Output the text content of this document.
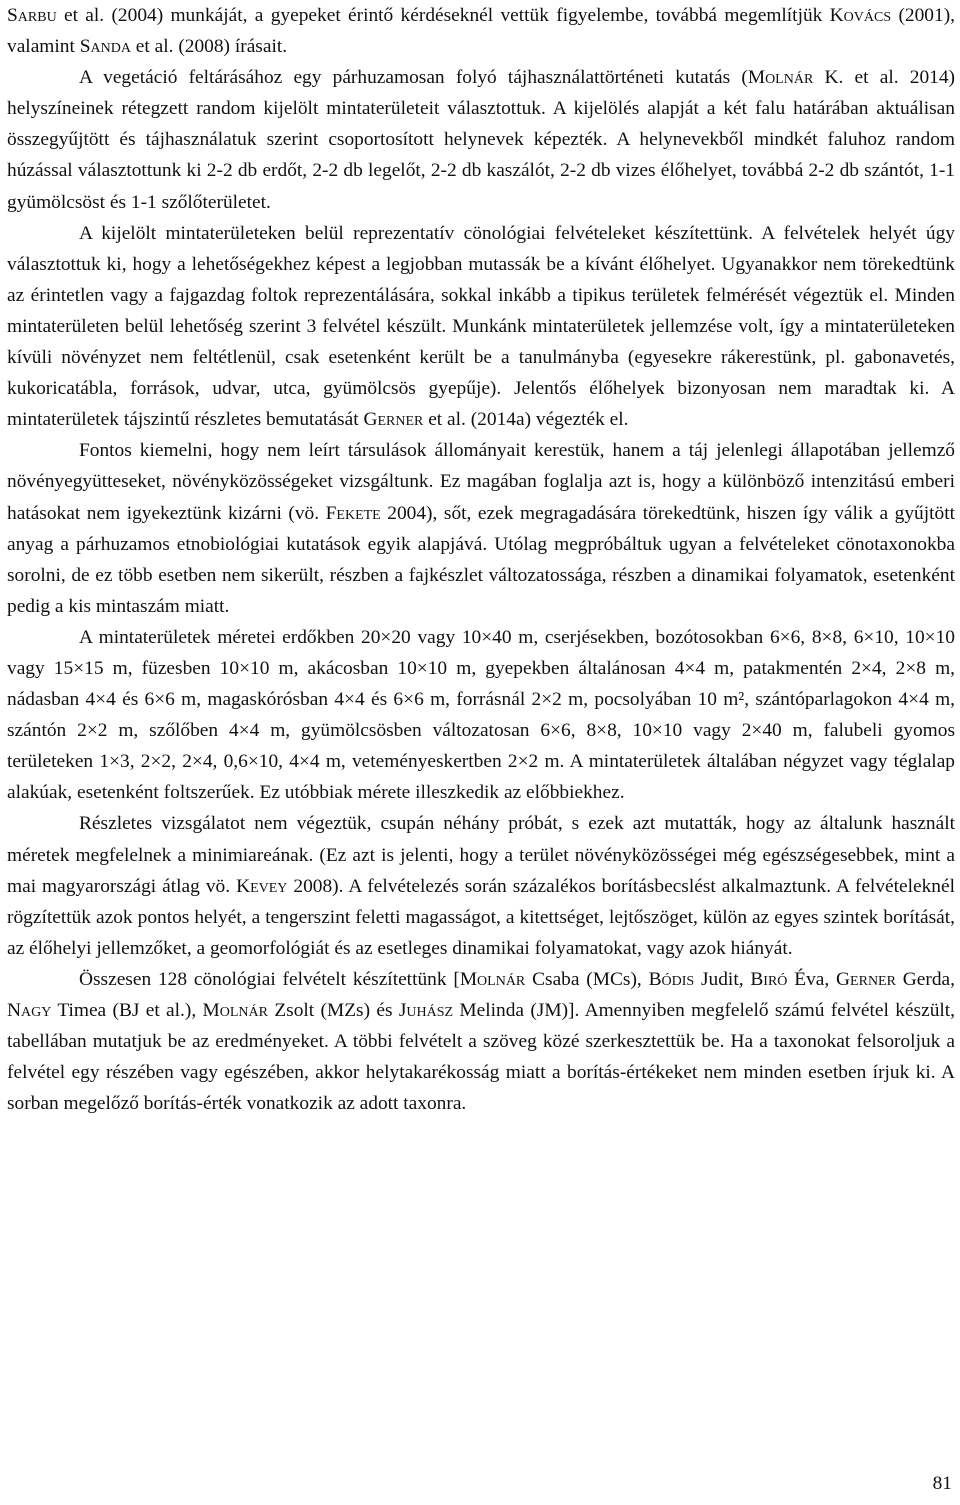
Sarbu et al. (2004) munkáját, a gyepeket érintő kérdéseknél vettük figyelembe, továbbá megemlítjük Kovács (2001), valamint Sanda et al. (2008) írásait.

A vegetáció feltárásához egy párhuzamosan folyó tájhasználattörténeti kutatás (Molnár K. et al. 2014) helyszíneinek rétegzett random kijelölt mintaterületeit választottuk. A kijelölés alapját a két falu határában aktuálisan összegyűjtött és tájhasználatuk szerint csoportosított helynevek képezték. A helynevekből mindkét faluhoz random húzással választottunk ki 2-2 db erdőt, 2-2 db legelőt, 2-2 db kaszálót, 2-2 db vizes élőhelyet, továbbá 2-2 db szántót, 1-1 gyümölcsöst és 1-1 szőlőterületet.

A kijelölt mintaterületeken belül reprezentatív cönológiai felvételeket készítettünk. A felvételek helyét úgy választottuk ki, hogy a lehetőségekhez képest a legjobban mutassák be a kívánt élőhelyet. Ugyanakkor nem törekedtünk az érintetlen vagy a fajgazdag foltok reprezentálására, sokkal inkább a tipikus területek felmérését végeztük el. Minden mintaterületen belül lehetőség szerint 3 felvétel készült. Munkánk mintaterületek jellemzése volt, így a mintaterületeken kívüli növényzet nem feltétlenül, csak esetenként került be a tanulmányba (egyesekre rákerestünk, pl. gabonavetés, kukoricatábla, források, udvar, utca, gyümölcsös gyepűje). Jelentős élőhelyek bizonyosan nem maradtak ki. A mintaterületek tájszintű részletes bemutatását Gerner et al. (2014a) végezték el.

Fontos kiemelni, hogy nem leírt társulások állományait kerestük, hanem a táj jelenlegi állapotában jellemző növényegyütteseket, növényközösségeket vizsgáltunk. Ez magában foglalja azt is, hogy a különböző intenzitású emberi hatásokat nem igyekeztünk kizárni (vö. Fekete 2004), sőt, ezek megragadására törekedtünk, hiszen így válik a gyűjtött anyag a párhuzamos etnobiológiai kutatások egyik alapjává. Utólag megpróbáltuk ugyan a felvételeket cönotaxonokba sorolni, de ez több esetben nem sikerült, részben a fajkészlet változatossága, részben a dinamikai folyamatok, esetenként pedig a kis mintaszám miatt.

A mintaterületek méretei erdőkben 20×20 vagy 10×40 m, cserjésekben, bozótosokban 6×6, 8×8, 6×10, 10×10 vagy 15×15 m, füzesben 10×10 m, akácosban 10×10 m, gyepekben általánosan 4×4 m, patakmentén 2×4, 2×8 m, nádasban 4×4 és 6×6 m, magaskórósban 4×4 és 6×6 m, forrásnál 2×2 m, pocsolyában 10 m², szántóparlagokon 4×4 m, szántón 2×2 m, szőlőben 4×4 m, gyümölcsösben változatosan 6×6, 8×8, 10×10 vagy 2×40 m, falubeli gyomos területeken 1×3, 2×2, 2×4, 0,6×10, 4×4 m, veteményeskertben 2×2 m. A mintaterületek általában négyzet vagy téglalap alakúak, esetenként foltszerűek. Ez utóbbiak mérete illeszkedik az előbbiekhez.

Részletes vizsgálatot nem végeztük, csupán néhány próbát, s ezek azt mutatták, hogy az általunk használt méretek megfelelnek a minimiareának. (Ez azt is jelenti, hogy a terület növényközösségei még egészségesebbek, mint a mai magyarországi átlag vö. Kevey 2008). A felvételezés során százalékos borításbecslést alkalmaztunk. A felvételeknél rögzítettük azok pontos helyét, a tengerszint feletti magasságot, a kitettséget, lejtőszöget, külön az egyes szintek borítását, az élőhelyi jellemzőket, a geomorfológiát és az esetleges dinamikai folyamatokat, vagy azok hiányát.

Összesen 128 cönológiai felvételt készítettünk [Molnár Csaba (MCs), Bódis Judit, Biró Éva, Gerner Gerda, Nagy Timea (BJ et al.), Molnár Zsolt (MZs) és Juhász Melinda (JM)]. Amennyiben megfelelő számú felvétel készült, tabellában mutatjuk be az eredményeket. A többi felvételt a szöveg közé szerkesztettük be. Ha a taxonokat felsoroljuk a felvétel egy részében vagy egészében, akkor helytakarékosság miatt a borítás-értékeket nem minden esetben írjuk ki. A sorban megelőző borítás-érték vonatkozik az adott taxonra.

81
